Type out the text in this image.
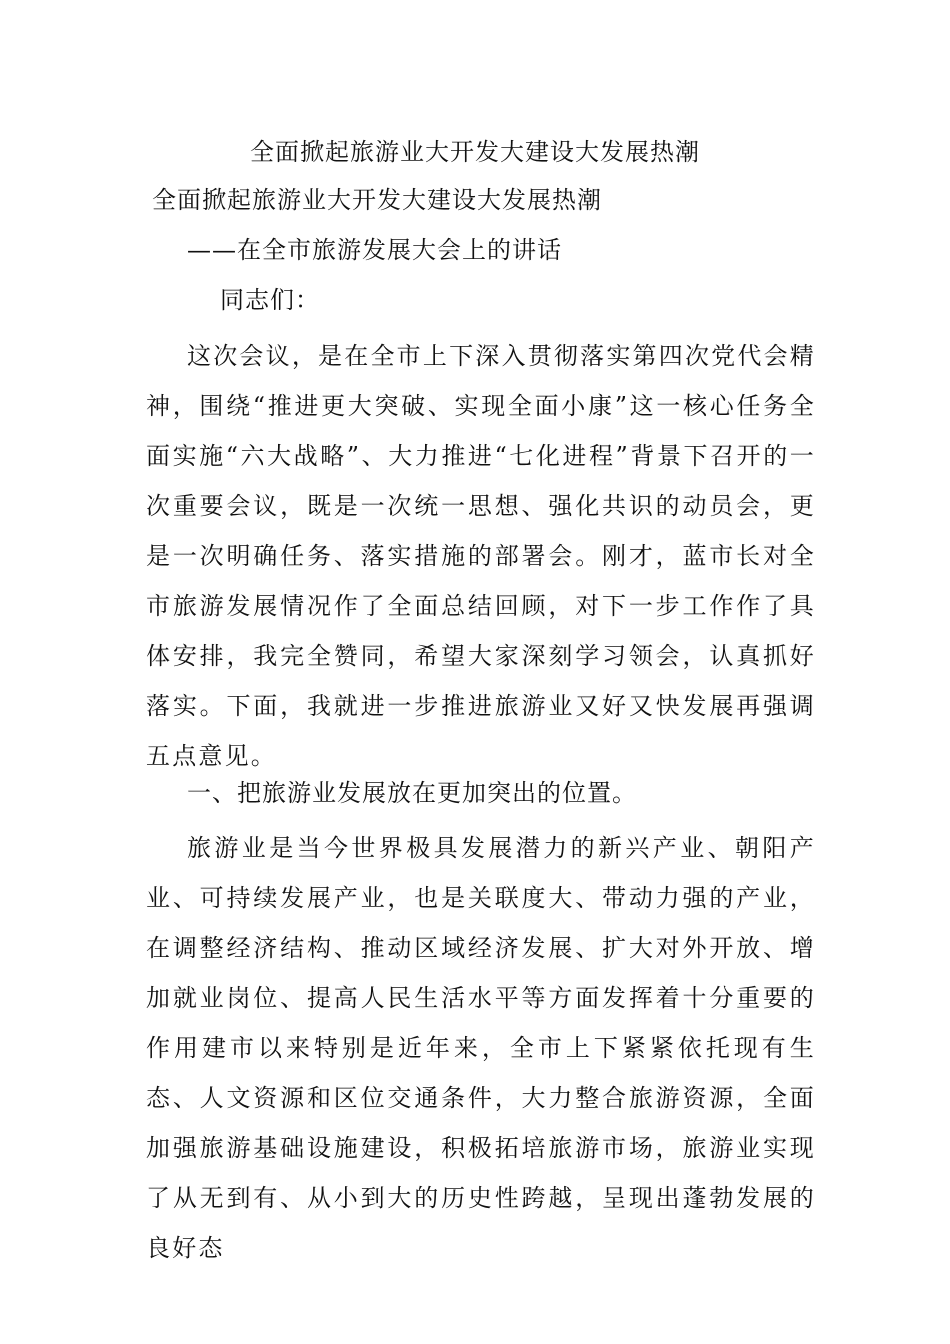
全面掀起旅游业大开发大建设大发展热潮
全面掀起旅游业大开发大建设大发展热潮
——在全市旅游发展大会上的讲话
同志们：
这次会议，是在全市上下深入贯彻落实第四次党代会精神，围绕“推进更大突破、实现全面小康”这一核心任务全面实施“六大战略”、大力推进“七化进程”背景下召开的一次重要会议，既是一次统一思想、强化共识的动员会，更是一次明确任务、落实措施的部署会。刚才，蓝市长对全市旅游发展情况作了全面总结回顾，对下一步工作作了具体安排，我完全赞同，希望大家深刻学习领会，认真抓好落实。下面，我就进一步推进旅游业又好又快发展再强调五点意见。
一、把旅游业发展放在更加突出的位置。
旅游业是当今世界极具发展潜力的新兴产业、朝阳产业、可持续发展产业，也是关联度大、带动力强的产业，在调整经济结构、推动区域经济发展、扩大对外开放、增加就业岗位、提高人民生活水平等方面发挥着十分重要的作用建市以来特别是近年来，全市上下紧紧依托现有生态、人文资源和区位交通条件，大力整合旅游资源，全面加强旅游基础设施建设，积极拓培旅游市场，旅游业实现了从无到有、从小到大的历史性跨越，呈现出蓬勃发展的良好态
